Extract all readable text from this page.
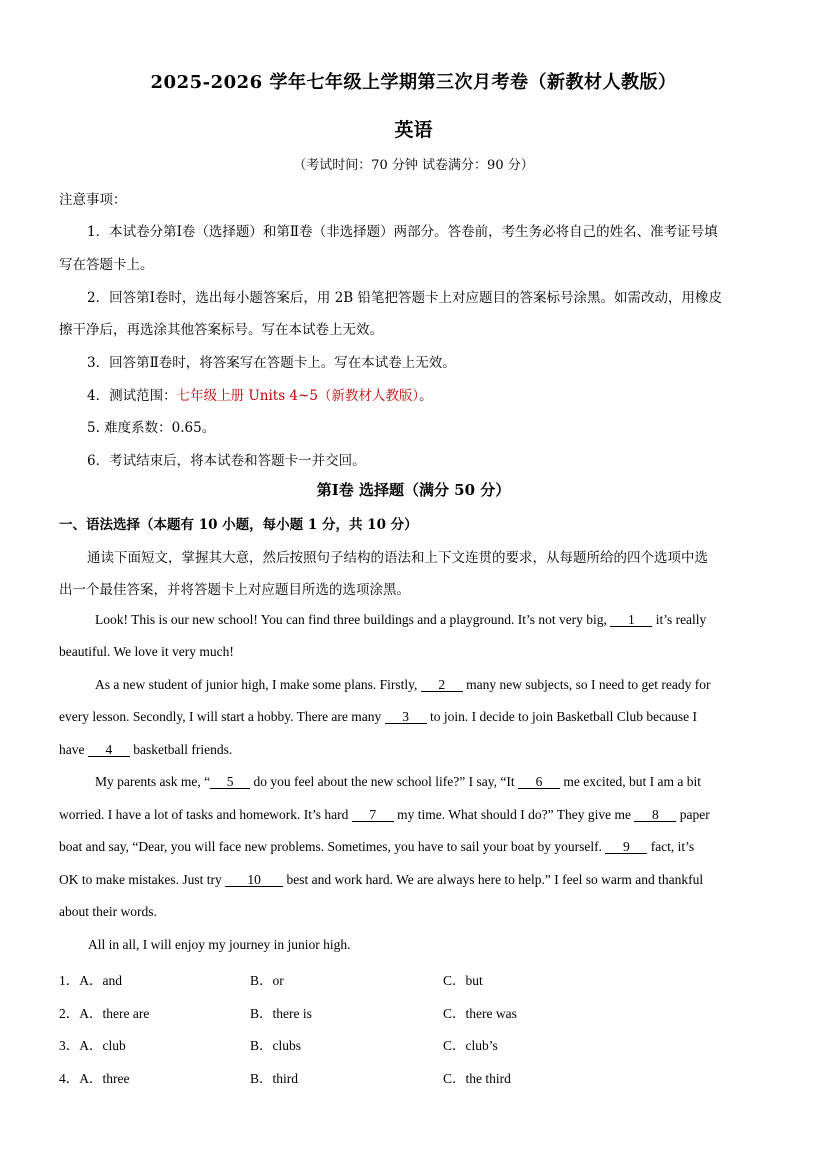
2025-2026 学年七年级上学期第三次月考卷（新教材人教版）
英语
（考试时间：70 分钟 试卷满分：90 分）
注意事项：
1．本试卷分第Ⅰ卷（选择题）和第Ⅱ卷（非选择题）两部分。答卷前，考生务必将自己的姓名、准考证号填
写在答题卡上。
2．回答第Ⅰ卷时，选出每小题答案后，用 2B 铅笔把答题卡上对应题目的答案标号涂黑。如需改动，用橡皮
擦干净后，再选涂其他答案标号。写在本试卷上无效。
3．回答第Ⅱ卷时，将答案写在答题卡上。写在本试卷上无效。
4．测试范围：七年级上册 Units 4~5（新教材人教版）。
5. 难度系数：0.65。
6．考试结束后，将本试卷和答题卡一并交回。
第Ⅰ卷 选择题（满分 50 分）
一、语法选择（本题有 10 小题，每小题 1 分，共 10 分）
通读下面短文，掌握其大意，然后按照句子结构的语法和上下文连贯的要求，从每题所给的四个选项中选
出一个最佳答案，并将答题卡上对应题目所选的选项涂黑。
Look! This is our new school! You can find three buildings and a playground. It’s not very big, 1 it’s really
beautiful. We love it very much!
As a new student of junior high, I make some plans. Firstly, 2 many new subjects, so I need to get ready for
every lesson. Secondly, I will start a hobby. There are many 3 to join. I decide to join Basketball Club because I
have 4 basketball friends.
My parents ask me, “ 5 do you feel about the new school life?” I say, “It 6 me excited, but I am a bit
worried. I have a lot of tasks and homework. It’s hard 7 my time. What should I do?” They give me 8 paper
boat and say, “Dear, you will face new problems. Sometimes, you have to sail your boat by yourself. 9 fact, it’s
OK to make mistakes. Just try 10 best and work hard. We are always here to help.” I feel so warm and thankful
about their words.
All in all, I will enjoy my journey in junior high.
1．A．and	B．or	C．but
2．A．there are	B．there is	C．there was
3．A．club	B．clubs	C．club’s
4．A．three	B．third	C．the third
